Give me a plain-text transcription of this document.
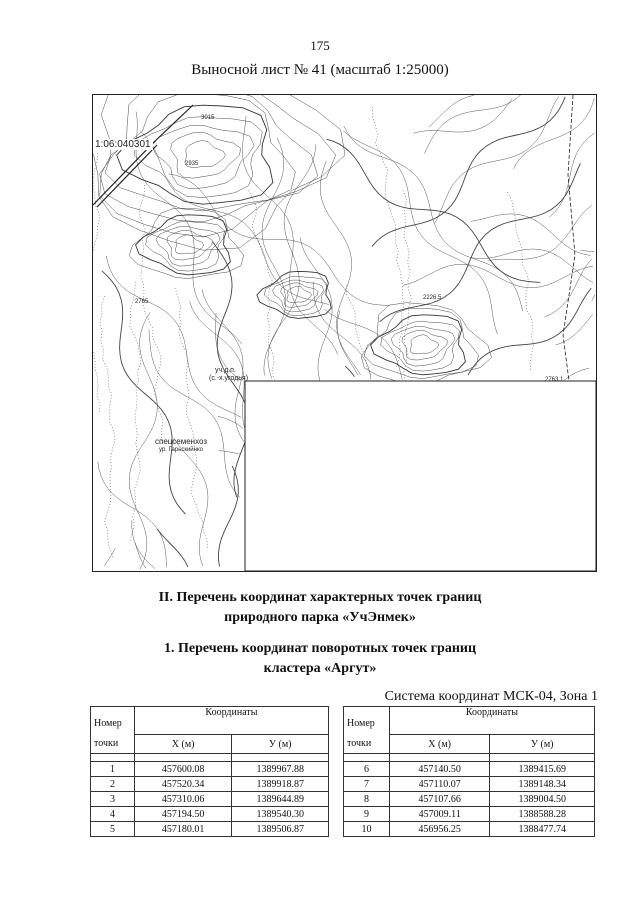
175
Выносной лист № 41 (масштаб 1:25000)
1:06:040301
3015
2935
2765
2226.5
2763.1
уч.д.п.
(с.-х.угодья)
спецсеменхоз
ур. Гарьскийнко
II. Перечень координат характерных точек границ
природного парка «УчЭнмек»
1. Перечень координат поворотных точек границ
кластера «Аргут»
Система координат МСК-04, Зона 1
Номер
точки	Координаты	
	X (м)	У (м)

1	457600.08	1389967.88
2	457520.34	1389918.87
3	457310.06	1389644.89
4	457194.50	1389540.30
5	457180.01	1389506.87
Номер
точки	Координаты	
	X (м)	У (м)

6	457140.50	1389415.69
7	457110.07	1389148.34
8	457107.66	1389004.50
9	457009.11	1388588.28
10	456956.25	1388477.74
